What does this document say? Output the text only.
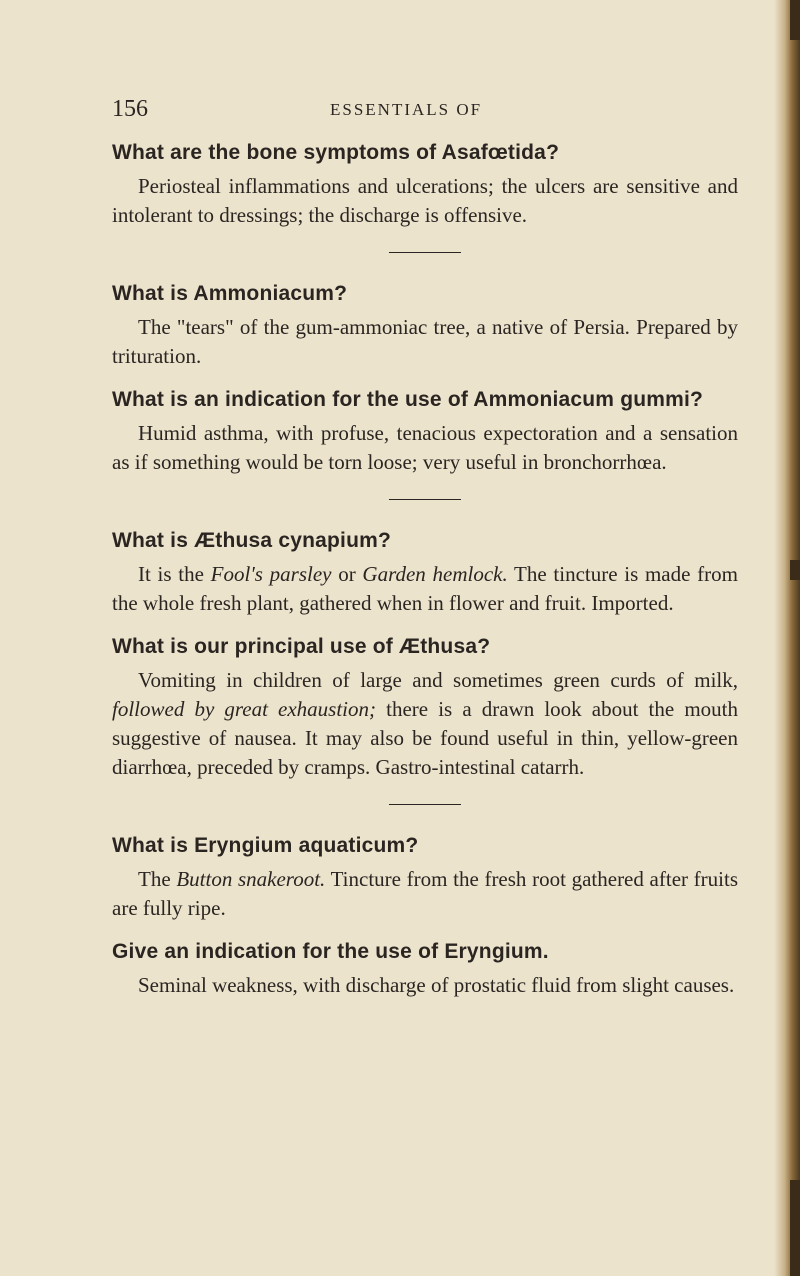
156	ESSENTIALS OF
What are the bone symptoms of Asafœtida?

Periosteal inflammations and ulcerations; the ulcers are sensitive and intolerant to dressings; the discharge is offensive.

What is Ammoniacum?

The "tears" of the gum-ammoniac tree, a native of Persia. Prepared by trituration.

What is an indication for the use of Ammoniacum gummi?

Humid asthma, with profuse, tenacious expectoration and a sensation as if something would be torn loose; very useful in bronchorrhœa.

What is Æthusa cynapium?

It is the Fool's parsley or Garden hemlock. The tincture is made from the whole fresh plant, gathered when in flower and fruit. Imported.

What is our principal use of Æthusa?

Vomiting in children of large and sometimes green curds of milk, followed by great exhaustion; there is a drawn look about the mouth suggestive of nausea. It may also be found useful in thin, yellow-green diarrhœa, preceded by cramps. Gastro-intestinal catarrh.

What is Eryngium aquaticum?

The Button snakeroot. Tincture from the fresh root gathered after fruits are fully ripe.

Give an indication for the use of Eryngium.

Seminal weakness, with discharge of prostatic fluid from slight causes.
